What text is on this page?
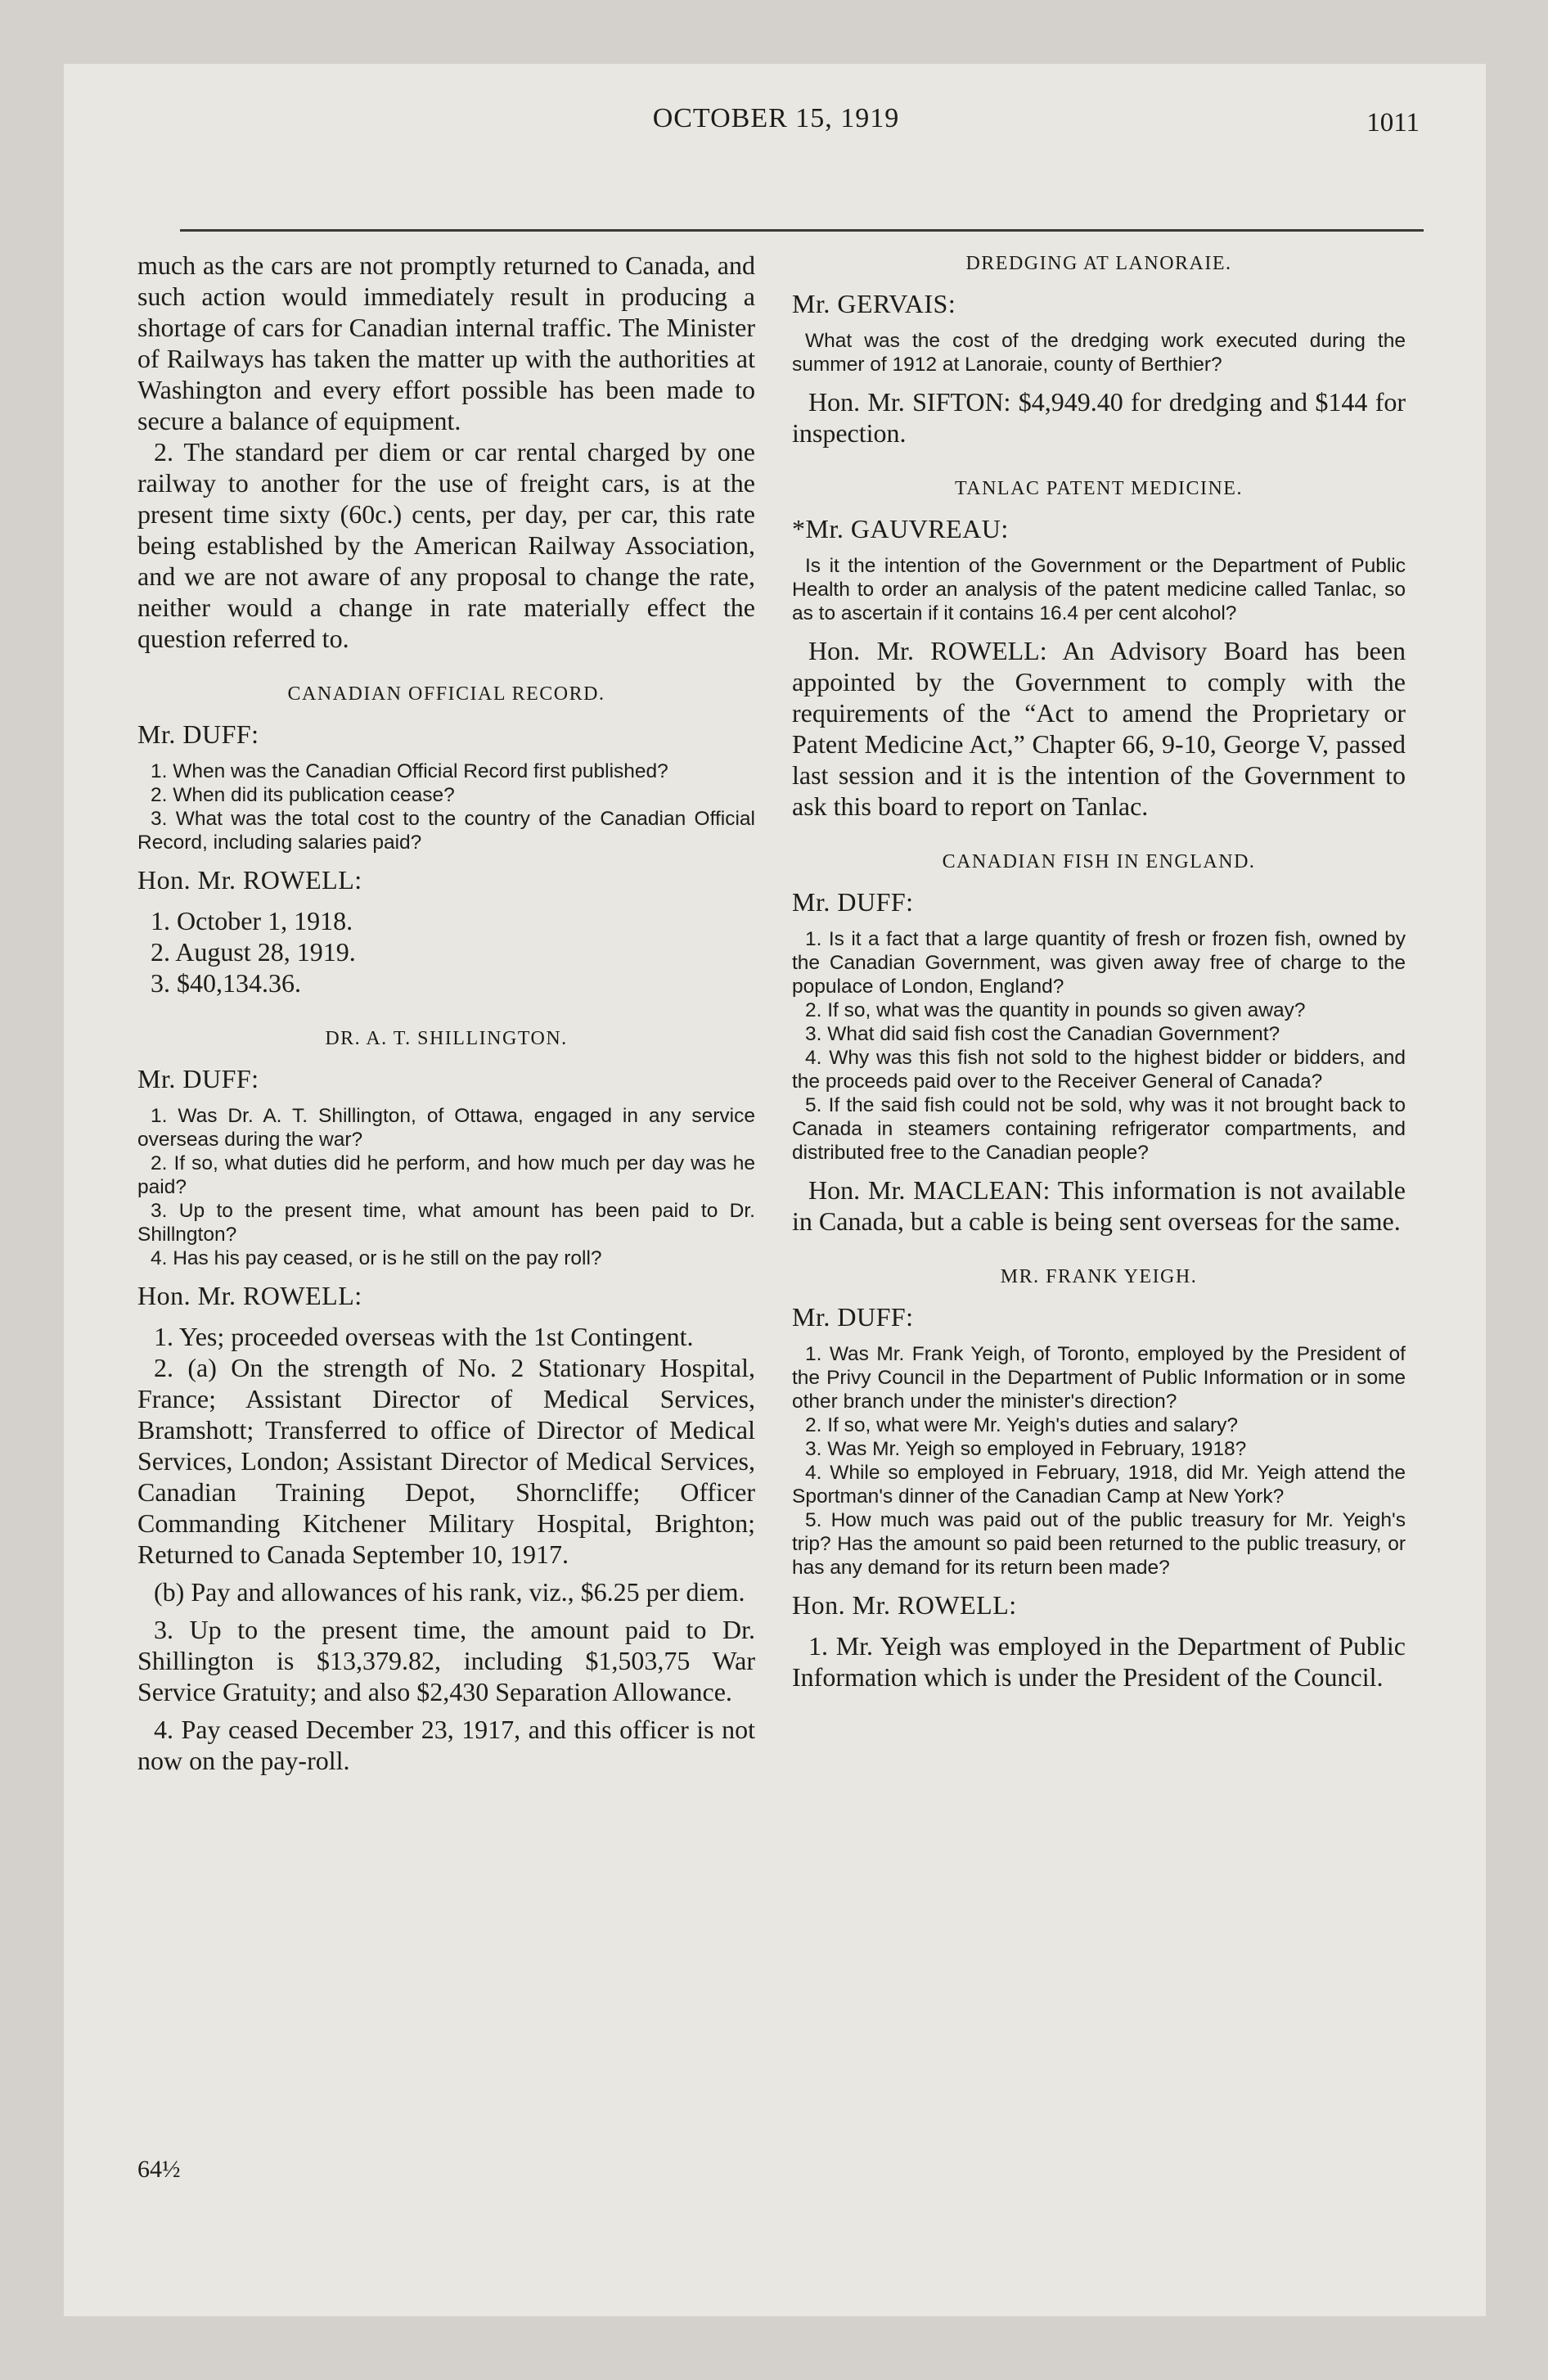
OCTOBER 15, 1919	1011

much as the cars are not promptly returned to Canada, and such action would immediately result in producing a shortage of cars for Canadian internal traffic. The Minister of Railways has taken the matter up with the authorities at Washington and every effort possible has been made to secure a balance of equipment.

2. The standard per diem or car rental charged by one railway to another for the use of freight cars, is at the present time sixty (60c.) cents, per day, per car, this rate being established by the American Railway Association, and we are not aware of any proposal to change the rate, neither would a change in rate materially effect the question referred to.

CANADIAN OFFICIAL RECORD.
Mr. DUFF:

1. When was the Canadian Official Record first published?

2. When did its publication cease?

3. What was the total cost to the country of the Canadian Official Record, including salaries paid?

Hon. Mr. ROWELL:
1. October 1, 1918.
2. August 28, 1919.
3. $40,134.36.
DR. A. T. SHILLINGTON.
Mr. DUFF:

1. Was Dr. A. T. Shillington, of Ottawa, engaged in any service overseas during the war?

2. If so, what duties did he perform, and how much per day was he paid?

3. Up to the present time, what amount has been paid to Dr. Shillngton?

4. Has his pay ceased, or is he still on the pay roll?

Hon. Mr. ROWELL:

1. Yes; proceeded overseas with the 1st Contingent.

2. (a) On the strength of No. 2 Stationary Hospital, France; Assistant Director of Medical Services, Bramshott; Transferred to office of Director of Medical Services, London; Assistant Director of Medical Services, Canadian Training Depot, Shorncliffe; Officer Commanding Kitchener Military Hospital, Brighton; Returned to Canada September 10, 1917.

(b) Pay and allowances of his rank, viz., $6.25 per diem.

3. Up to the present time, the amount paid to Dr. Shillington is $13,379.82, including $1,503,75 War Service Gratuity; and also $2,430 Separation Allowance.

4. Pay ceased December 23, 1917, and this officer is not now on the pay-roll.

64½
DREDGING AT LANORAIE.
Mr. GERVAIS:

What was the cost of the dredging work executed during the summer of 1912 at Lanoraie, county of Berthier?

Hon. Mr. SIFTON: $4,949.40 for dredging and $144 for inspection.

TANLAC PATENT MEDICINE.
*Mr. GAUVREAU:

Is it the intention of the Government or the Department of Public Health to order an analysis of the patent medicine called Tanlac, so as to ascertain if it contains 16.4 per cent alcohol?

Hon. Mr. ROWELL: An Advisory Board has been appointed by the Government to comply with the requirements of the “Act to amend the Proprietary or Patent Medicine Act,” Chapter 66, 9-10, George V, passed last session and it is the intention of the Government to ask this board to report on Tanlac.

CANADIAN FISH IN ENGLAND.
Mr. DUFF:

1. Is it a fact that a large quantity of fresh or frozen fish, owned by the Canadian Government, was given away free of charge to the populace of London, England?

2. If so, what was the quantity in pounds so given away?

3. What did said fish cost the Canadian Government?

4. Why was this fish not sold to the highest bidder or bidders, and the proceeds paid over to the Receiver General of Canada?

5. If the said fish could not be sold, why was it not brought back to Canada in steamers containing refrigerator compartments, and distributed free to the Canadian people?

Hon. Mr. MACLEAN: This information is not available in Canada, but a cable is being sent overseas for the same.

MR. FRANK YEIGH.
Mr. DUFF:

1. Was Mr. Frank Yeigh, of Toronto, employed by the President of the Privy Council in the Department of Public Information or in some other branch under the minister's direction?

2. If so, what were Mr. Yeigh's duties and salary?

3. Was Mr. Yeigh so employed in February, 1918?

4. While so employed in February, 1918, did Mr. Yeigh attend the Sportman's dinner of the Canadian Camp at New York?

5. How much was paid out of the public treasury for Mr. Yeigh's trip? Has the amount so paid been returned to the public treasury, or has any demand for its return been made?

Hon. Mr. ROWELL:

1. Mr. Yeigh was employed in the Department of Public Information which is under the President of the Council.
